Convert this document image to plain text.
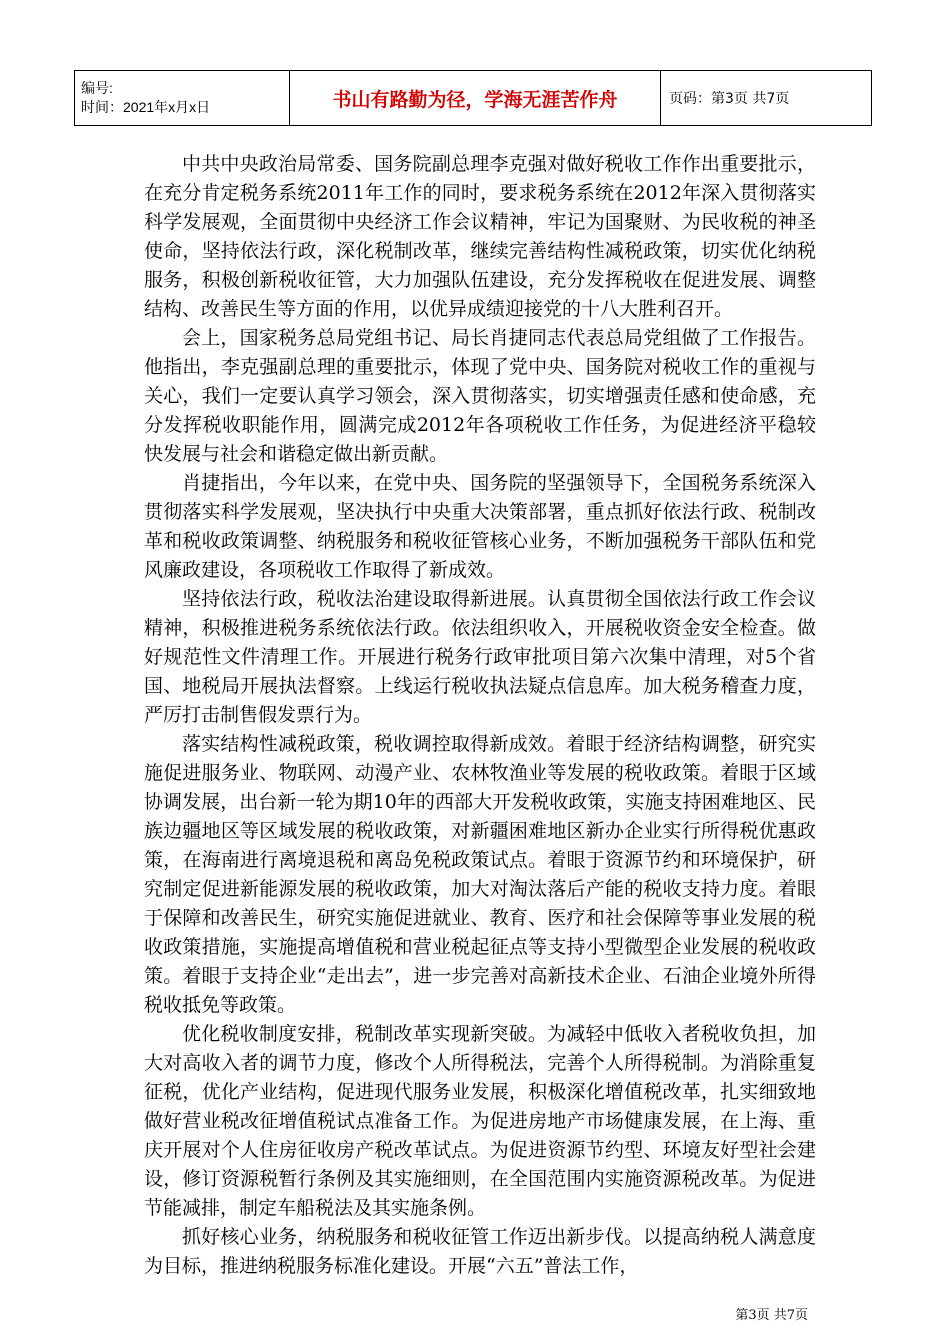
编号:
时间：2021年x月x日	书山有路勤为径，学海无涯苦作舟	页码：第3页 共7页

中共中央政治局常委、国务院副总理李克强对做好税收工作作出重要批示，在充分肯定税务系统2011年工作的同时，要求税务系统在2012年深入贯彻落实科学发展观，全面贯彻中央经济工作会议精神，牢记为国聚财、为民收税的神圣使命，坚持依法行政，深化税制改革，继续完善结构性减税政策，切实优化纳税服务，积极创新税收征管，大力加强队伍建设，充分发挥税收在促进发展、调整结构、改善民生等方面的作用，以优异成绩迎接党的十八大胜利召开。

会上，国家税务总局党组书记、局长肖捷同志代表总局党组做了工作报告。他指出，李克强副总理的重要批示，体现了党中央、国务院对税收工作的重视与关心，我们一定要认真学习领会，深入贯彻落实，切实增强责任感和使命感，充分发挥税收职能作用，圆满完成2012年各项税收工作任务，为促进经济平稳较快发展与社会和谐稳定做出新贡献。

肖捷指出，今年以来，在党中央、国务院的坚强领导下，全国税务系统深入贯彻落实科学发展观，坚决执行中央重大决策部署，重点抓好依法行政、税制改革和税收政策调整、纳税服务和税收征管核心业务，不断加强税务干部队伍和党风廉政建设，各项税收工作取得了新成效。

坚持依法行政，税收法治建设取得新进展。认真贯彻全国依法行政工作会议精神，积极推进税务系统依法行政。依法组织收入，开展税收资金安全检查。做好规范性文件清理工作。开展进行税务行政审批项目第六次集中清理，对5个省国、地税局开展执法督察。上线运行税收执法疑点信息库。加大税务稽查力度，严厉打击制售假发票行为。

落实结构性减税政策，税收调控取得新成效。着眼于经济结构调整，研究实施促进服务业、物联网、动漫产业、农林牧渔业等发展的税收政策。着眼于区域协调发展，出台新一轮为期10年的西部大开发税收政策，实施支持困难地区、民族边疆地区等区域发展的税收政策，对新疆困难地区新办企业实行所得税优惠政策，在海南进行离境退税和离岛免税政策试点。着眼于资源节约和环境保护，研究制定促进新能源发展的税收政策，加大对淘汰落后产能的税收支持力度。着眼于保障和改善民生，研究实施促进就业、教育、医疗和社会保障等事业发展的税收政策措施，实施提高增值税和营业税起征点等支持小型微型企业发展的税收政策。着眼于支持企业“走出去”，进一步完善对高新技术企业、石油企业境外所得税收抵免等政策。

优化税收制度安排，税制改革实现新突破。为减轻中低收入者税收负担，加大对高收入者的调节力度，修改个人所得税法，完善个人所得税制。为消除重复征税，优化产业结构，促进现代服务业发展，积极深化增值税改革，扎实细致地做好营业税改征增值税试点准备工作。为促进房地产市场健康发展，在上海、重庆开展对个人住房征收房产税改革试点。为促进资源节约型、环境友好型社会建设，修订资源税暂行条例及其实施细则，在全国范围内实施资源税改革。为促进节能减排，制定车船税法及其实施条例。

抓好核心业务，纳税服务和税收征管工作迈出新步伐。以提高纳税人满意度为目标，推进纳税服务标准化建设。开展“六五”普法工作，

第3页 共7页
